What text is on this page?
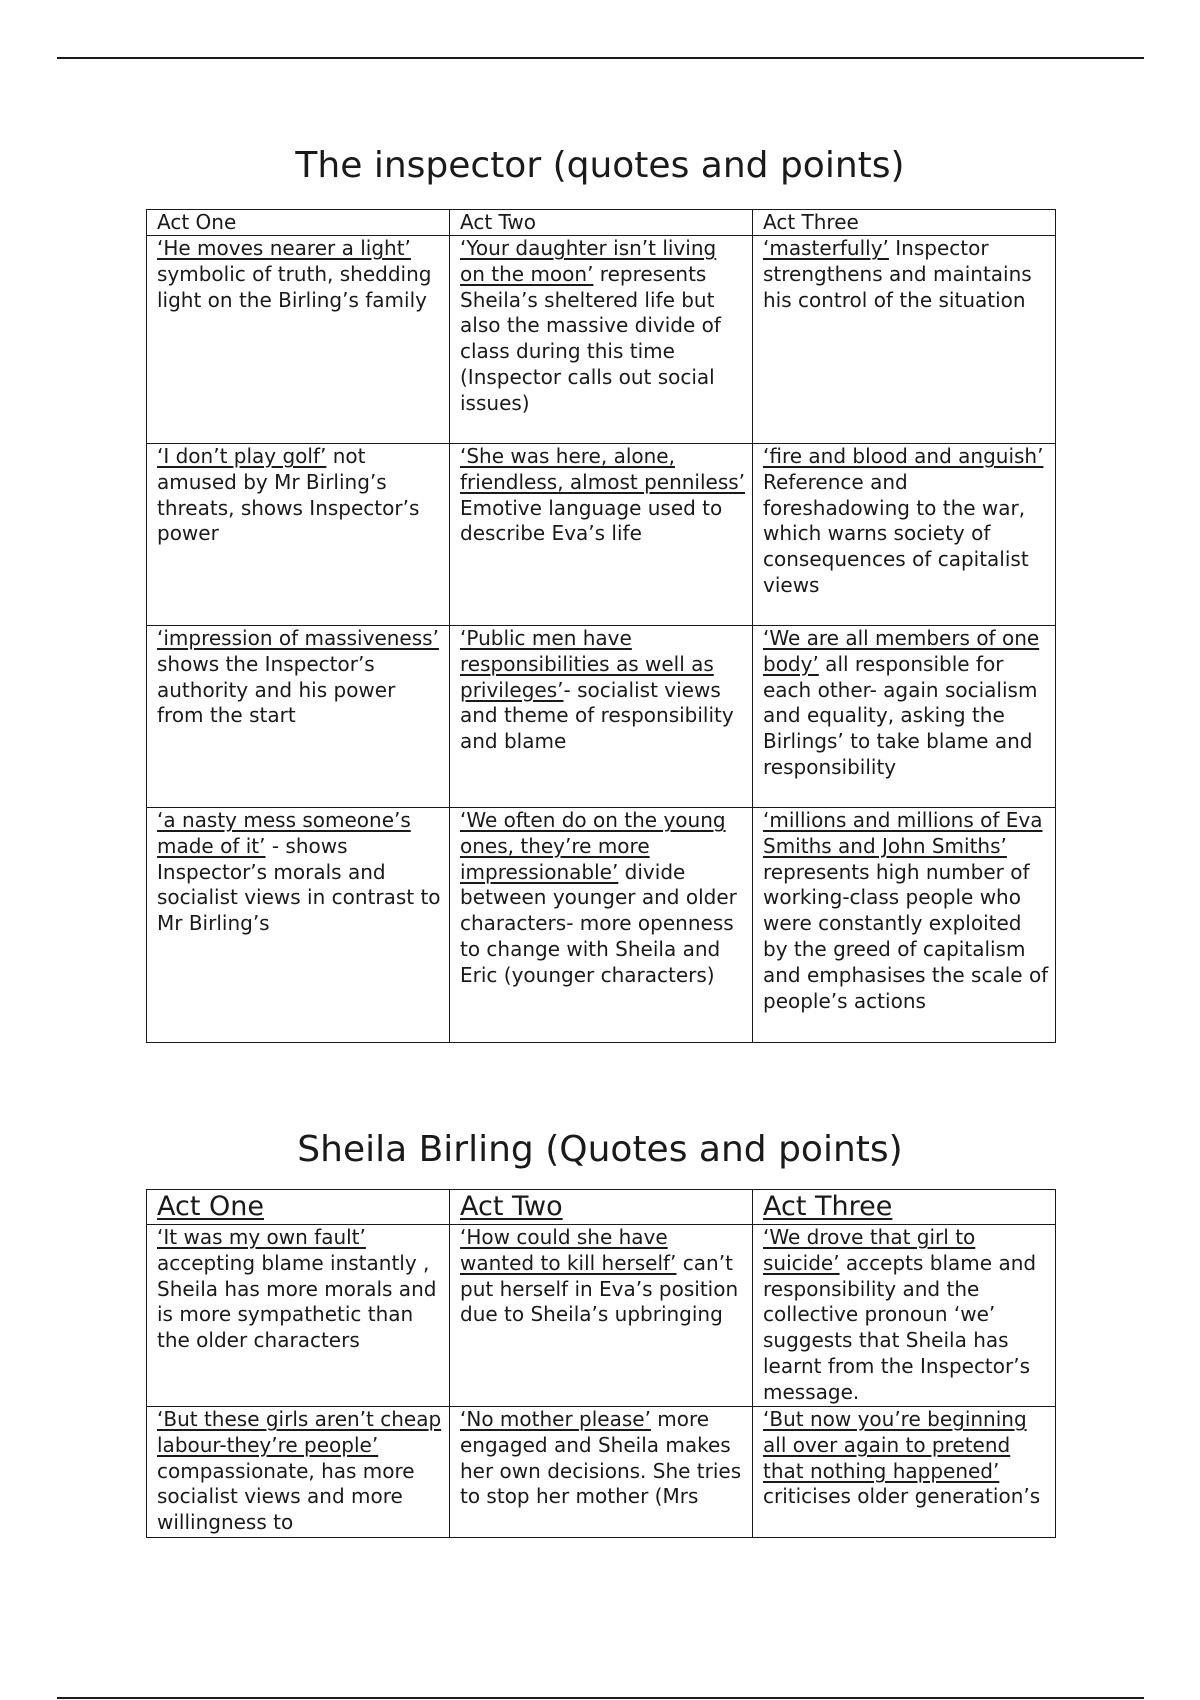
The inspector (quotes and points)
Act One	Act Two	Act Three
‘He moves nearer a light’ symbolic of truth, shedding light on the Birling’s family	‘Your daughter isn’t living on the moon’ represents Sheila’s sheltered life but also the massive divide of class during this time (Inspector calls out social issues)	‘masterfully’ Inspector strengthens and maintains his control of the situation
‘I don’t play golf’ not amused by Mr Birling’s threats, shows Inspector’s power	‘She was here, alone, friendless, almost penniless’ Emotive language used to describe Eva’s life	‘fire and blood and anguish’ Reference and foreshadowing to the war, which warns society of consequences of capitalist views
‘impression of massiveness’ shows the Inspector’s authority and his power from the start	‘Public men have responsibilities as well as privileges’- socialist views and theme of responsibility and blame	‘We are all members of one body’ all responsible for each other- again socialism and equality, asking the Birlings’ to take blame and responsibility
‘a nasty mess someone’s made of it’ - shows Inspector’s morals and socialist views in contrast to Mr Birling’s	‘We often do on the young ones, they’re more impressionable’ divide between younger and older characters- more openness to change with Sheila and Eric (younger characters)	‘millions and millions of Eva Smiths and John Smiths’ represents high number of working-class people who were constantly exploited by the greed of capitalism and emphasises the scale of people’s actions
Sheila Birling (Quotes and points)
Act One	Act Two	Act Three
‘It was my own fault’ accepting blame instantly , Sheila has more morals and is more sympathetic than the older characters	‘How could she have wanted to kill herself’ can’t put herself in Eva’s position due to Sheila’s upbringing	‘We drove that girl to suicide’ accepts blame and responsibility and the collective pronoun ‘we’ suggests that Sheila has learnt from the Inspector’s message.

‘But these girls aren’t cheap labour-they’re people’ compassionate, has more socialist views and more willingness to	‘No mother please’ more engaged and Sheila makes her own decisions. She tries to stop her mother (Mrs	‘But now you’re beginning all over again to pretend that nothing happened’ criticises older generation’s
